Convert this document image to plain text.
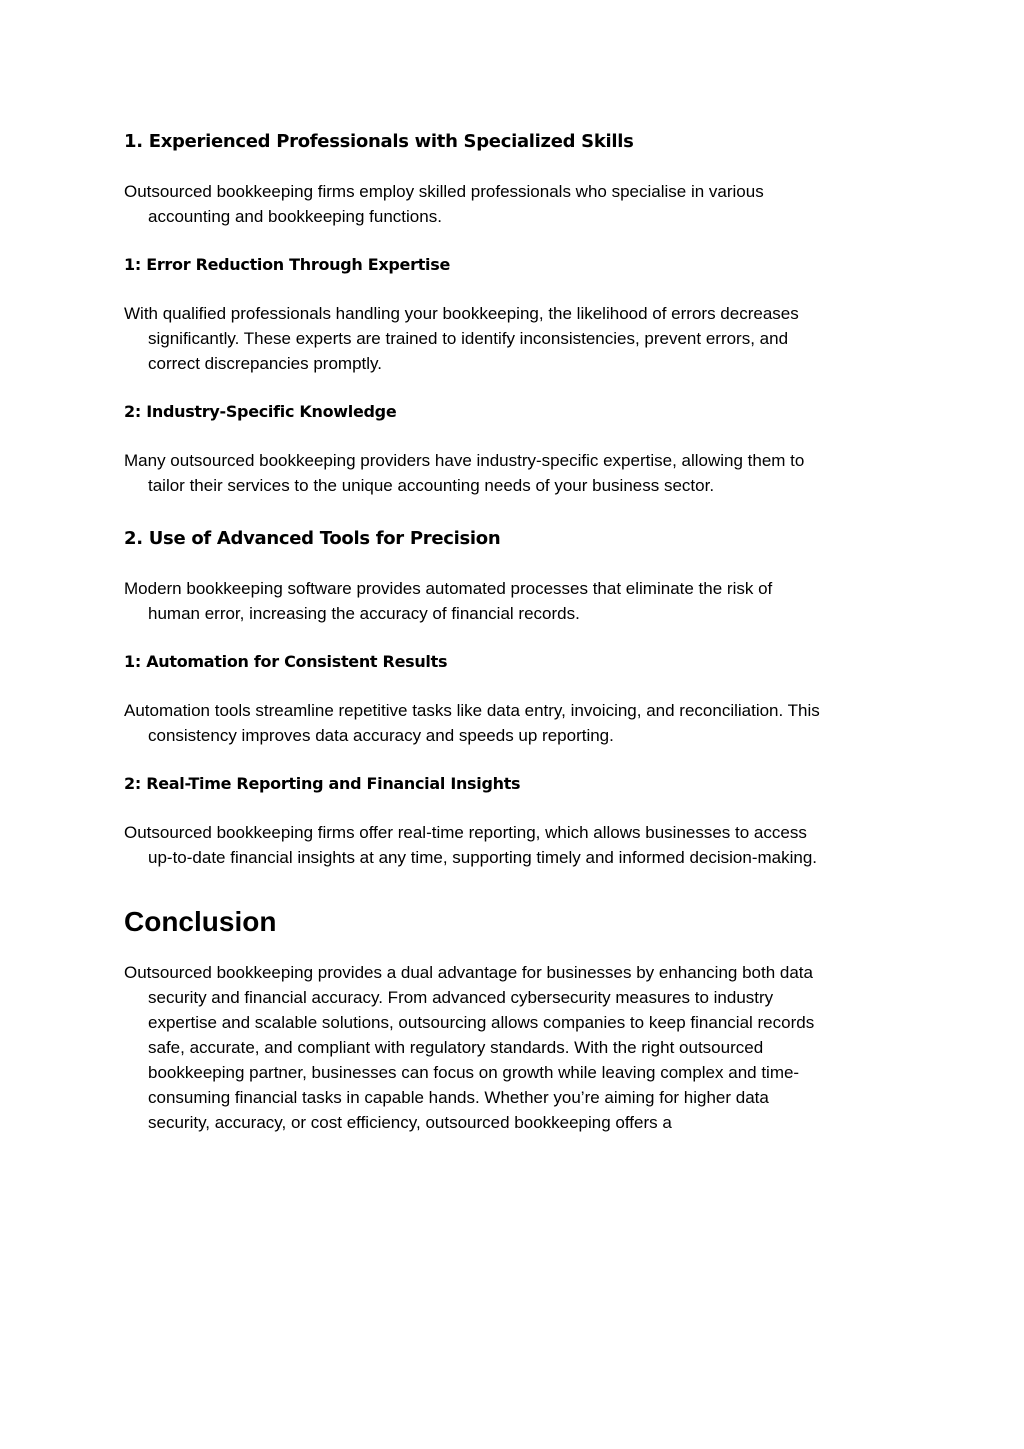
1. Experienced Professionals with Specialized Skills

Outsourced bookkeeping firms employ skilled professionals who specialise in various
accounting and bookkeeping functions.

1: Error Reduction Through Expertise

With qualified professionals handling your bookkeeping, the likelihood of errors decreases
significantly. These experts are trained to identify inconsistencies, prevent errors, and
correct discrepancies promptly.

2: Industry-Specific Knowledge

Many outsourced bookkeeping providers have industry-specific expertise, allowing them to
tailor their services to the unique accounting needs of your business sector.

2. Use of Advanced Tools for Precision

Modern bookkeeping software provides automated processes that eliminate the risk of
human error, increasing the accuracy of financial records.

1: Automation for Consistent Results

Automation tools streamline repetitive tasks like data entry, invoicing, and reconciliation. This
consistency improves data accuracy and speeds up reporting.

2: Real-Time Reporting and Financial Insights

Outsourced bookkeeping firms offer real-time reporting, which allows businesses to access
up-to-date financial insights at any time, supporting timely and informed decision-making.

Conclusion

Outsourced bookkeeping provides a dual advantage for businesses by enhancing both data
security and financial accuracy. From advanced cybersecurity measures to industry
expertise and scalable solutions, outsourcing allows companies to keep financial records
safe, accurate, and compliant with regulatory standards. With the right outsourced
bookkeeping partner, businesses can focus on growth while leaving complex and time-
consuming financial tasks in capable hands. Whether you’re aiming for higher data
security, accuracy, or cost efficiency, outsourced bookkeeping offers a
